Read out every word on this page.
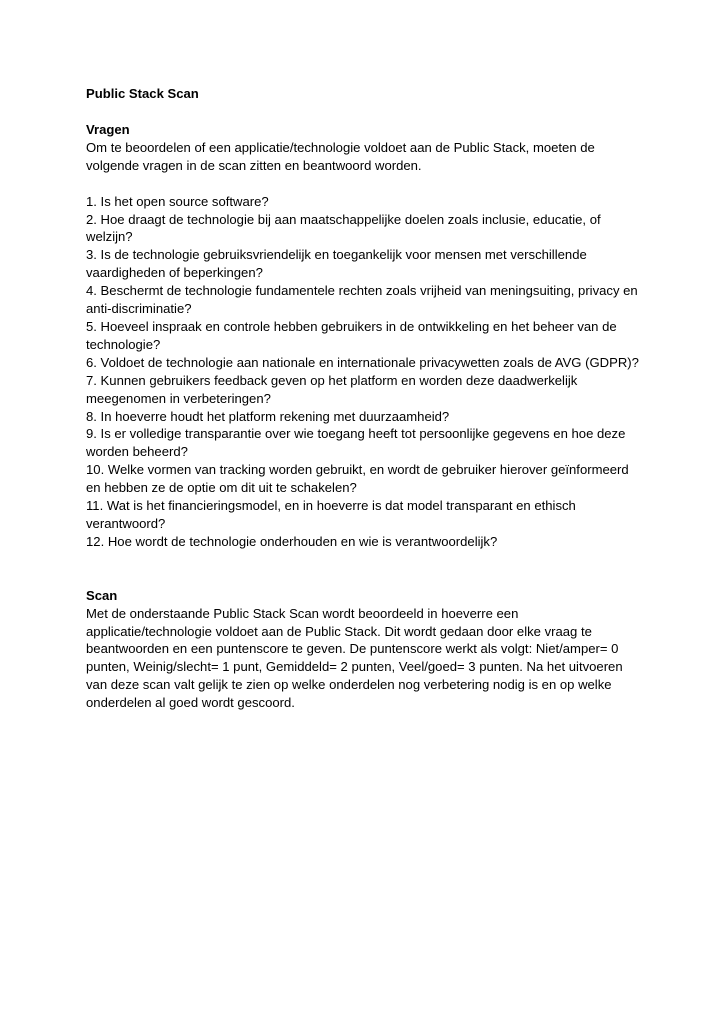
Public Stack Scan

Vragen

Om te beoordelen of een applicatie/technologie voldoet aan de Public Stack, moeten de volgende vragen in de scan zitten en beantwoord worden.

1. Is het open source software?
2. Hoe draagt de technologie bij aan maatschappelijke doelen zoals inclusie, educatie, of welzijn?
3. Is de technologie gebruiksvriendelijk en toegankelijk voor mensen met verschillende vaardigheden of beperkingen?
4. Beschermt de technologie fundamentele rechten zoals vrijheid van meningsuiting, privacy en anti-discriminatie?
5. Hoeveel inspraak en controle hebben gebruikers in de ontwikkeling en het beheer van de technologie?
6. Voldoet de technologie aan nationale en internationale privacywetten zoals de AVG (GDPR)?
7. Kunnen gebruikers feedback geven op het platform en worden deze daadwerkelijk meegenomen in verbeteringen?
8. In hoeverre houdt het platform rekening met duurzaamheid?
9. Is er volledige transparantie over wie toegang heeft tot persoonlijke gegevens en hoe deze worden beheerd?
10. Welke vormen van tracking worden gebruikt, en wordt de gebruiker hierover geïnformeerd en hebben ze de optie om dit uit te schakelen?
11. Wat is het financieringsmodel, en in hoeverre is dat model transparant en ethisch verantwoord?
12. Hoe wordt de technologie onderhouden en wie is verantwoordelijk?

Scan

Met de onderstaande Public Stack Scan wordt beoordeeld in hoeverre een applicatie/technologie voldoet aan de Public Stack. Dit wordt gedaan door elke vraag te beantwoorden en een puntenscore te geven. De puntenscore werkt als volgt: Niet/amper= 0 punten, Weinig/slecht= 1 punt, Gemiddeld= 2 punten, Veel/goed= 3 punten. Na het uitvoeren van deze scan valt gelijk te zien op welke onderdelen nog verbetering nodig is en op welke onderdelen al goed wordt gescoord.
